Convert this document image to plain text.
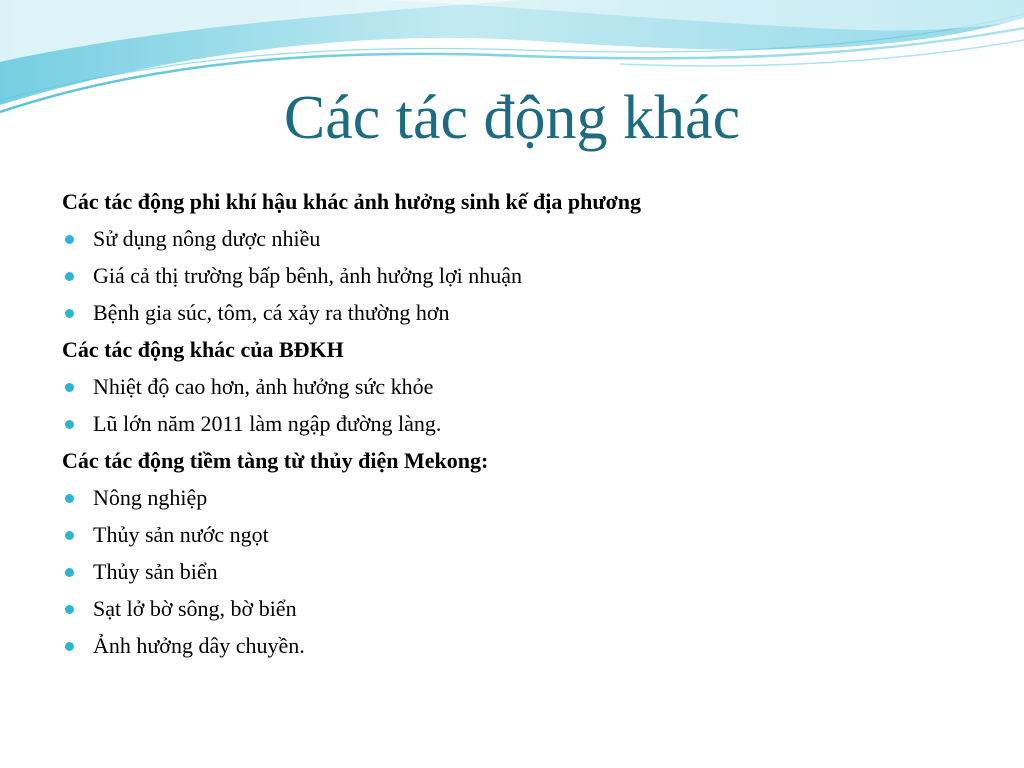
Các tác động khác
Các tác động phi khí hậu khác ảnh hưởng sinh kế địa phương
Sử dụng nông dược nhiều
Giá cả thị trường bấp bênh, ảnh hưởng lợi nhuận
Bệnh gia súc, tôm, cá xảy ra thường hơn
Các tác động khác của BĐKH
Nhiệt độ cao hơn, ảnh hưởng sức khỏe
Lũ lớn năm 2011 làm ngập đường làng.
Các tác động tiềm tàng từ thủy điện Mekong:
Nông nghiệp
Thủy sản nước ngọt
Thủy sản biển
Sạt lở bờ sông, bờ biển
Ảnh hưởng dây chuyền.
